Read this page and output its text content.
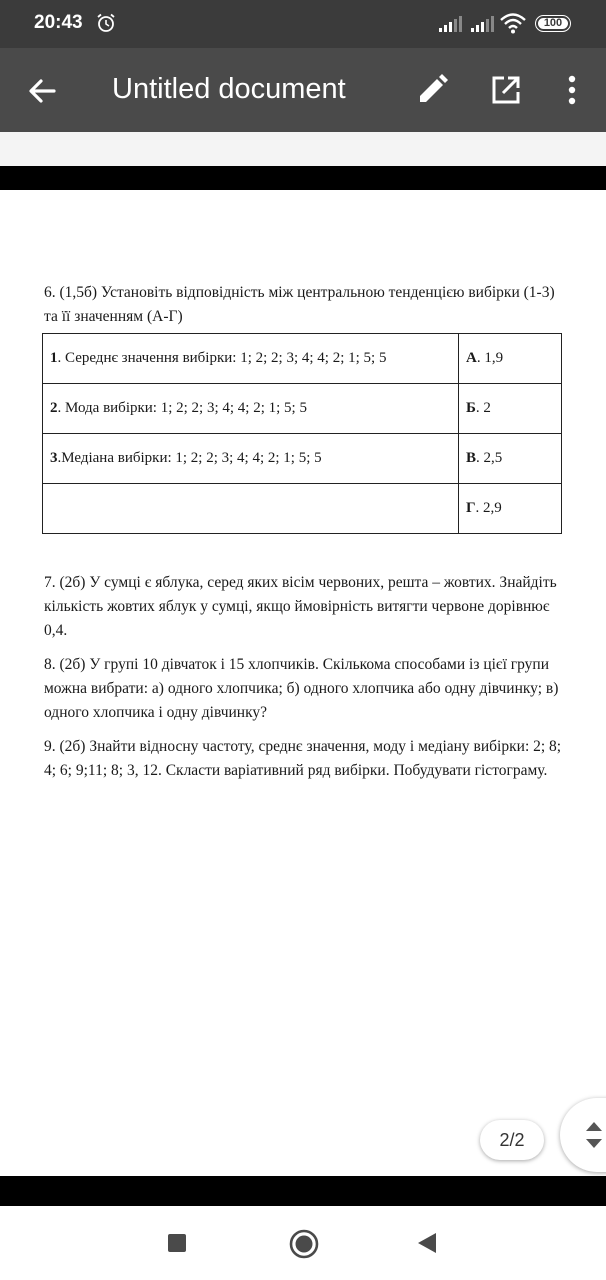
20:43	100
Untitled document

6. (1,5б) Установіть відповідність між центральною тенденцією вибірки (1-3) та її значенням (А-Г)

1. Середнє значення вибірки: 1; 2; 2; 3; 4; 4; 2; 1; 5; 5	А. 1,9
2. Мода вибірки: 1; 2; 2; 3; 4; 4; 2; 1; 5; 5	Б. 2
3.Медіана вибірки: 1; 2; 2; 3; 4; 4; 2; 1; 5; 5	В. 2,5
	Г. 2,9

7. (2б) У сумці є яблука, серед яких вісім червоних, решта – жовтих. Знайдіть кількість жовтих яблук у сумці, якщо ймовірність витягти червоне дорівнює 0,4.

8. (2б) У групі 10 дівчаток і 15 хлопчиків. Скількома способами із цієї групи можна вибрати: а) одного хлопчика; б) одного хлопчика або одну дівчинку; в) одного хлопчика і одну дівчинку?

9. (2б) Знайти відносну частоту, среднє значення, моду і медіану вибірки: 2; 8; 4; 6; 9;11; 8; 3, 12. Скласти варіативний ряд вибірки. Побудувати гістограму.

2/2
